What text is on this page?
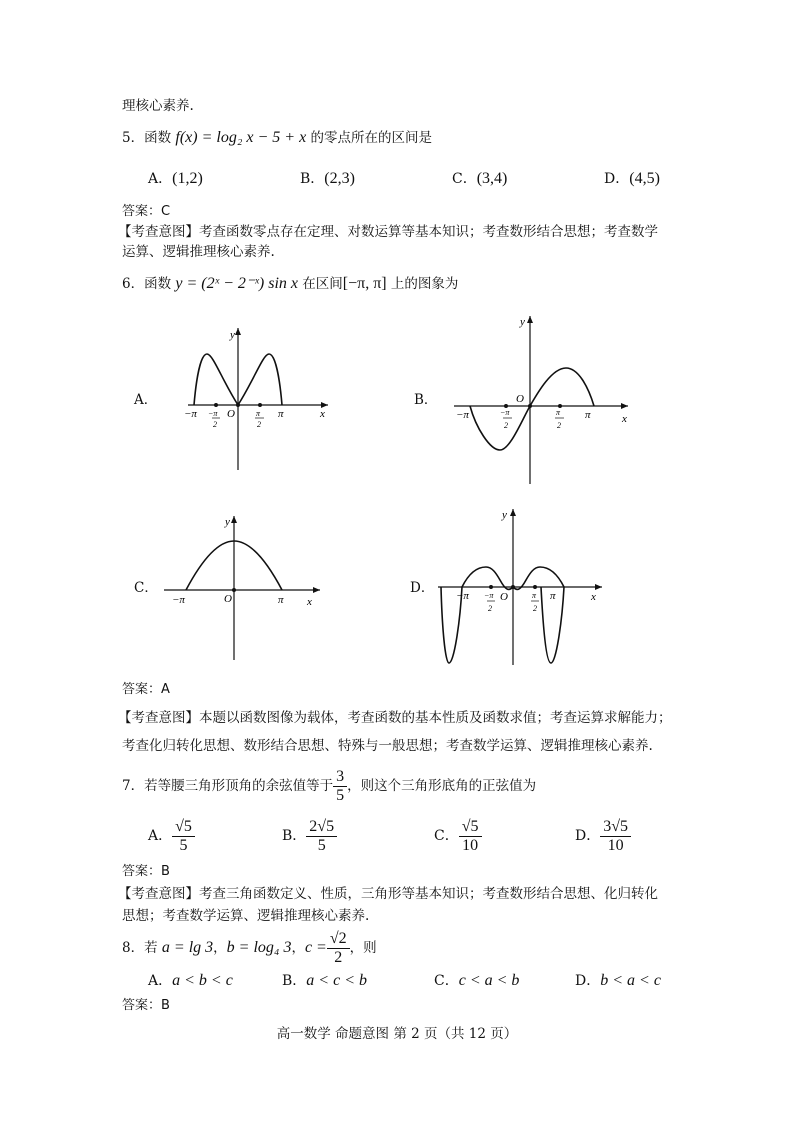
理核心素养.
5．函数 f(x) = log₂ x − 5 + x 的零点所在的区间是
A．(1,2)	B．(2,3)	C．(3,4)	D．(4,5)
答案：C
【考查意图】考查函数零点存在定理、对数运算等基本知识；考查数形结合思想；考查数学
运算、逻辑推理核心素养.
6．函数 y = (2ˣ − 2⁻ˣ) sin x 在区间[−π, π] 上的图象为
A．	B．
C．	D．
y
x
O
−π	π
−π
2
π
2
y
x
O
−π	π
−π
2
π
2
y
x
O
−π	π
y
x
O
−π	π
−π
2
π
2
答案：A
【考查意图】本题以函数图像为载体，考查函数的基本性质及函数求值；考查运算求解能力；
考查化归转化思想、数形结合思想、特殊与一般思想；考查数学运算、逻辑推理核心素养.
7．若等腰三角形顶角的余弦值等于 $\frac{3}{5}$ ，则这个三角形底角的正弦值为
A． $\frac{√5}{5}$	B． $\frac{2√5}{5}$	C． $\frac{√5}{10}$	D． $\frac{3√5}{10}$
答案：B
【考查意图】考查三角函数定义、性质，三角形等基本知识；考查数形结合思想、化归转化
思想；考查数学运算、逻辑推理核心素养.
8．若 a = lg 3，b = log₄ 3，$c = \frac{√2}{2}$ ，则
A．a < b < c	B．a < c < b	C．c < a < b	D．b < a < c
答案：B
高一数学 命题意图 第 2 页（共 12 页）
